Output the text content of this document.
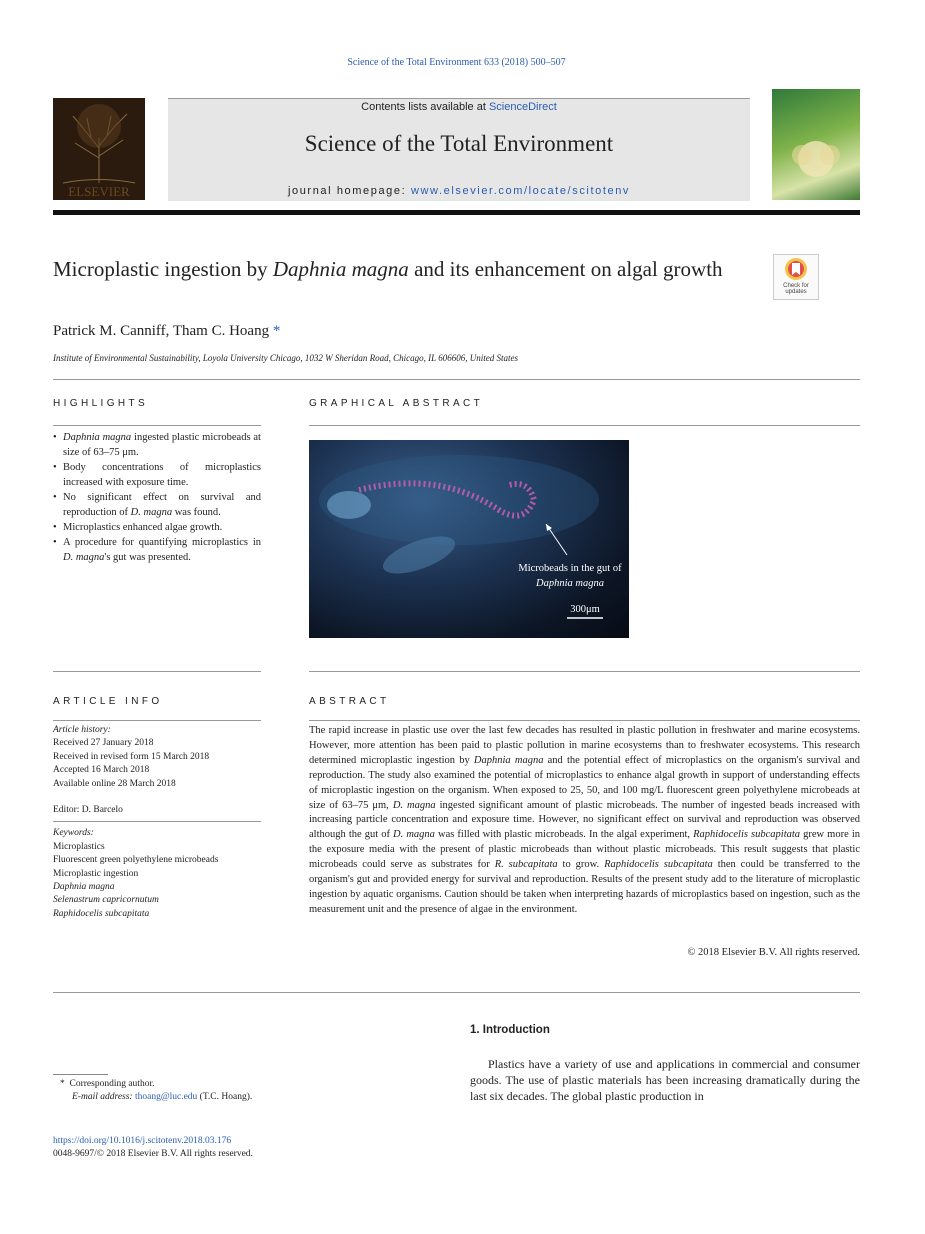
Science of the Total Environment 633 (2018) 500–507
ELSEVIER
Contents lists available at ScienceDirect
Science of the Total Environment
journal homepage: www.elsevier.com/locate/scitotenv
Microplastic ingestion by Daphnia magna and its enhancement on algal growth
Check for
updates
Patrick M. Canniff, Tham C. Hoang *
Institute of Environmental Sustainability, Loyola University Chicago, 1032 W Sheridan Road, Chicago, IL 606606, United States
HIGHLIGHTS	GRAPHICAL ABSTRACT
• Daphnia magna ingested plastic microbeads at size of 63–75 μm.
• Body concentrations of microplastics increased with exposure time.
• No significant effect on survival and reproduction of D. magna was found.
• Microplastics enhanced algae growth.
• A procedure for quantifying microplastics in D. magna's gut was presented.
Microbeads in the gut of
Daphnia magna
300μm
ARTICLE INFO	ABSTRACT
Article history:
Received 27 January 2018
Received in revised form 15 March 2018
Accepted 16 March 2018
Available online 28 March 2018
Editor: D. Barcelo
Keywords:
Microplastics
Fluorescent green polyethylene microbeads
Microplastic ingestion
Daphnia magna
Selenastrum capricornutum
Raphidocelis subcapitata
The rapid increase in plastic use over the last few decades has resulted in plastic pollution in freshwater and marine ecosystems. However, more attention has been paid to plastic pollution in marine ecosystems than to freshwater ecosystems. This research determined microplastic ingestion by Daphnia magna and the potential effect of microplastics on the organism's survival and reproduction. The study also examined the potential of microplastics to enhance algal growth in support of understanding effects of microplastic ingestion on the organism. When exposed to 25, 50, and 100 mg/L fluorescent green polyethylene microbeads at size of 63–75 μm, D. magna ingested significant amount of plastic microbeads. The number of ingested beads increased with increasing particle concentration and exposure time. However, no significant effect on survival and reproduction was observed although the gut of D. magna was filled with plastic microbeads. In the algal experiment, Raphidocelis subcapitata grew more in the exposure media with the present of plastic microbeads than without plastic microbeads. This result suggests that plastic microbeads could serve as substrates for R. subcapitata to grow. Raphidocelis subcapitata then could be transferred to the organism's gut and provided energy for survival and reproduction. Results of the present study add to the literature of microplastic ingestion by aquatic organisms. Caution should be taken when interpreting hazards of microplastics based on ingestion, such as the measurement unit and the presence of algae in the environment.
© 2018 Elsevier B.V. All rights reserved.
1. Introduction
Plastics have a variety of use and applications in commercial and consumer goods. The use of plastic materials has been increasing dramatically during the last six decades. The global plastic production in
* Corresponding author.
E-mail address: thoang@luc.edu (T.C. Hoang).
https://doi.org/10.1016/j.scitotenv.2018.03.176
0048-9697/© 2018 Elsevier B.V. All rights reserved.
